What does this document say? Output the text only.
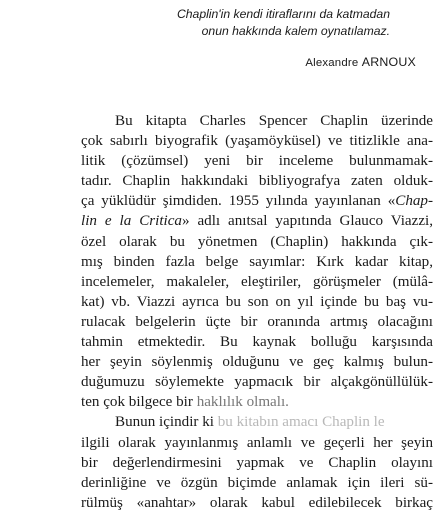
Chaplin'in kendi itiraflarını da katmadan
onun hakkında kalem oynatılamaz.
Alexandre ARNOUX
Bu kitapta Charles Spencer Chaplin üzerinde
çok sabırlı biyografik (yaşamöyküsel) ve titizlikle ana-
litik (çözümsel) yeni bir inceleme bulunmamak-
tadır. Chaplin hakkındaki bibliyografya zaten olduk-
ça yüklüdür şimdiden. 1955 yılında yayınlanan «Chap-
lin e la Critica» adlı anıtsal yapıtında Glauco Viazzi,
özel olarak bu yönetmen (Chaplin) hakkında çık-
mış binden fazla belge sayımlar: Kırk kadar kitap,
incelemeler, makaleler, eleştiriler, görüşmeler (mülâ-
kat) vb. Viazzi ayrıca bu son on yıl içinde bu baş vu-
rulacak belgelerin üçte bir oranında artmış olacağını
tahmin etmektedir. Bu kaynak bolluğu karşısında
her şeyin söylenmiş olduğunu ve geç kalmış bulun-
duğumuzu söylemekte yapmacık bir alçakgönüllülük-
ten çok bilgece bir haklılık olmalı.
Bunun içindir ki bu kitabın amacı Chaplin le
ilgili olarak yayınlanmış anlamlı ve geçerli her şeyin
bir değerlendirmesini yapmak ve Chaplin olayını
derinliğine ve özgün biçimde anlamak için ileri sü-
rülmüş «anahtar» olarak kabul edilebilecek birkaç
